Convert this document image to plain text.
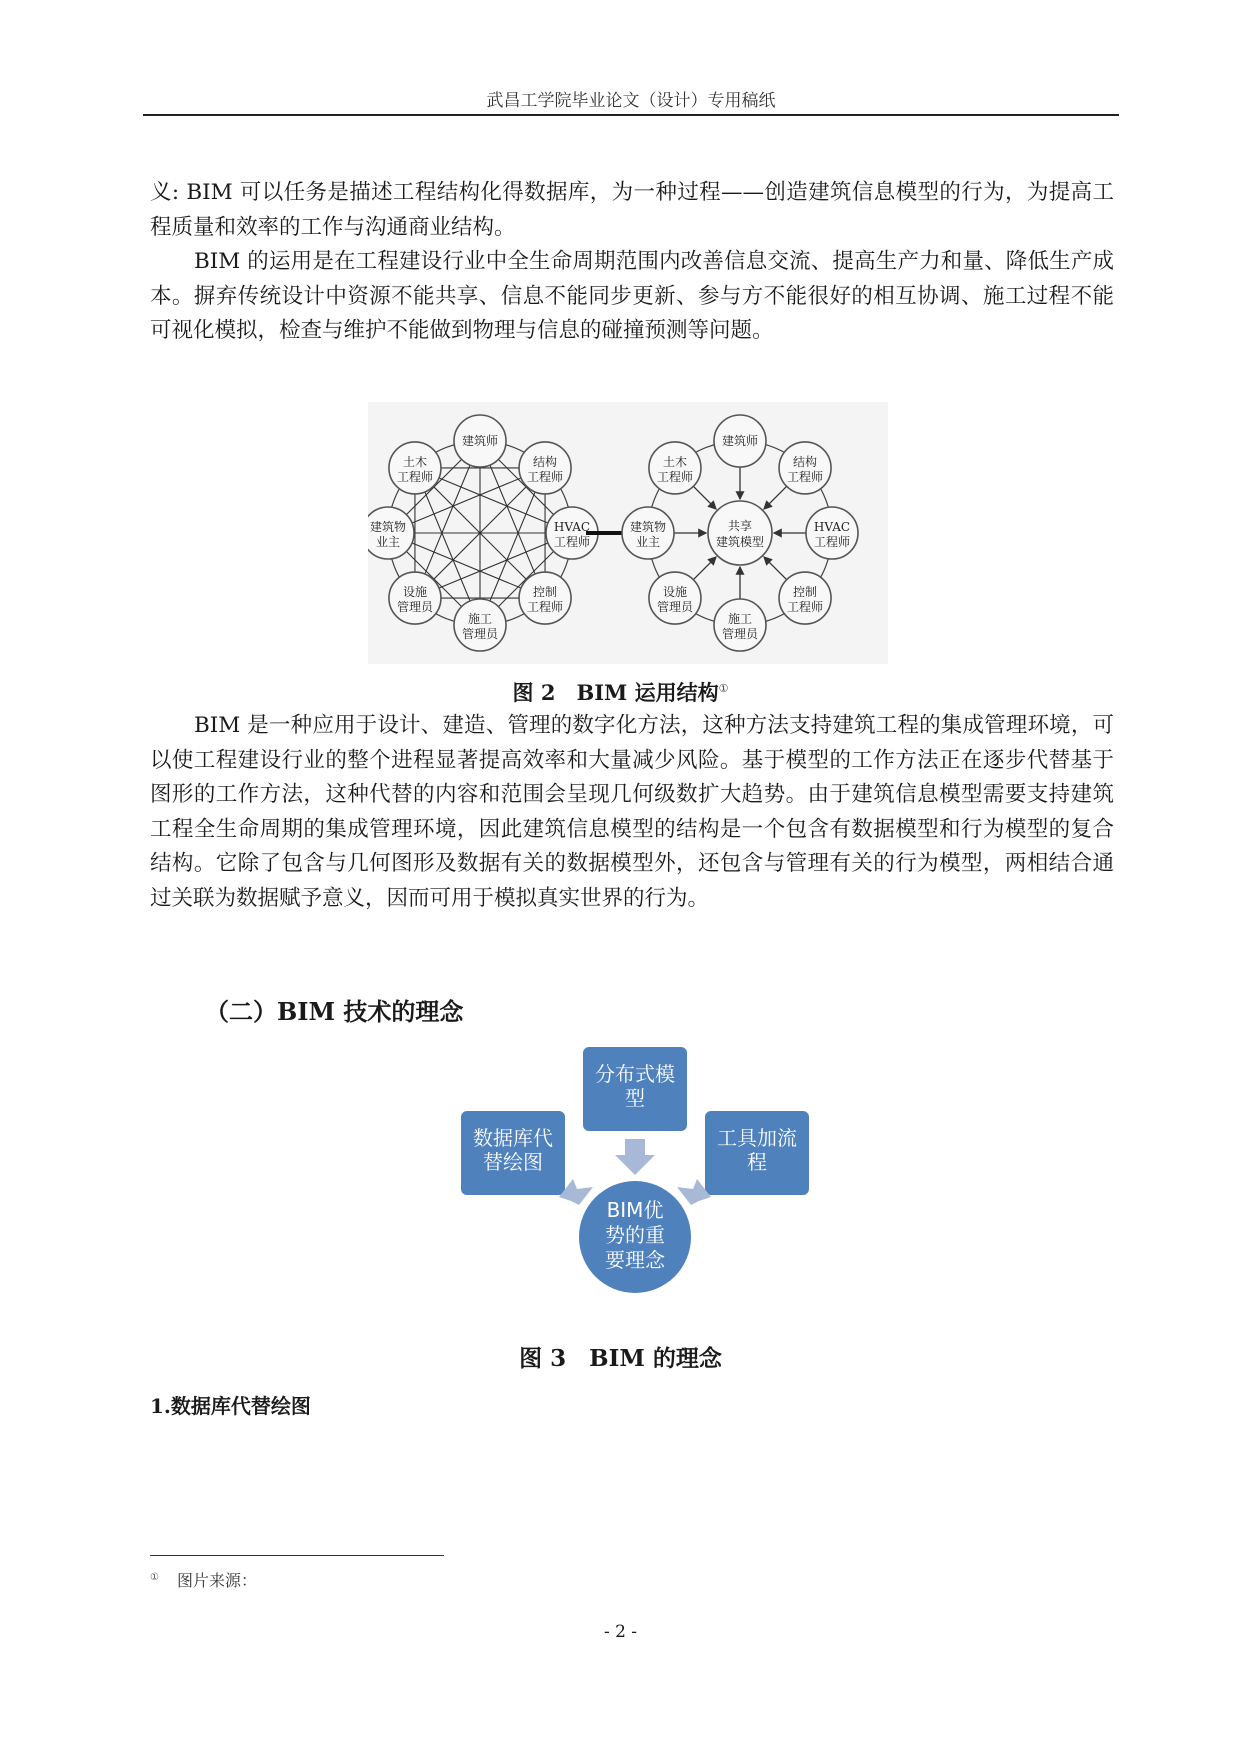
武昌工学院毕业论文（设计）专用稿纸

义: BIM 可以任务是描述工程结构化得数据库，为一种过程——创造建筑信息模型的行为，为提高工程质量和效率的工作与沟通商业结构。

BIM 的运用是在工程建设行业中全生命周期范围内改善信息交流、提高生产力和量、降低生产成本。摒弃传统设计中资源不能共享、信息不能同步更新、参与方不能很好的相互协调、施工过程不能可视化模拟，检查与维护不能做到物理与信息的碰撞预测等问题。

建筑师
结构
工程师
HVAC
工程师
控制
工程师
施工
管理员
设施
管理员
建筑物
业主
土木
工程师
共享
建筑模型
建筑师
结构
工程师
HVAC
工程师
控制
工程师
施工
管理员
设施
管理员
建筑物
业主
土木
工程师
图 2　BIM 运用结构①

BIM 是一种应用于设计、建造、管理的数字化方法，这种方法支持建筑工程的集成管理环境，可以使工程建设行业的整个进程显著提高效率和大量减少风险。基于模型的工作方法正在逐步代替基于图形的工作方法，这种代替的内容和范围会呈现几何级数扩大趋势。由于建筑信息模型需要支持建筑工程全生命周期的集成管理环境，因此建筑信息模型的结构是一个包含有数据模型和行为模型的复合结构。它除了包含与几何图形及数据有关的数据模型外，还包含与管理有关的行为模型，两相结合通过关联为数据赋予意义，因而可用于模拟真实世界的行为。

（二）BIM 技术的理念
分布式模
型
数据库代
替绘图
工具加流
程
BIM优
势的重
要理念
图 3　BIM 的理念
1.数据库代替绘图
① 图片来源：
- 2 -
